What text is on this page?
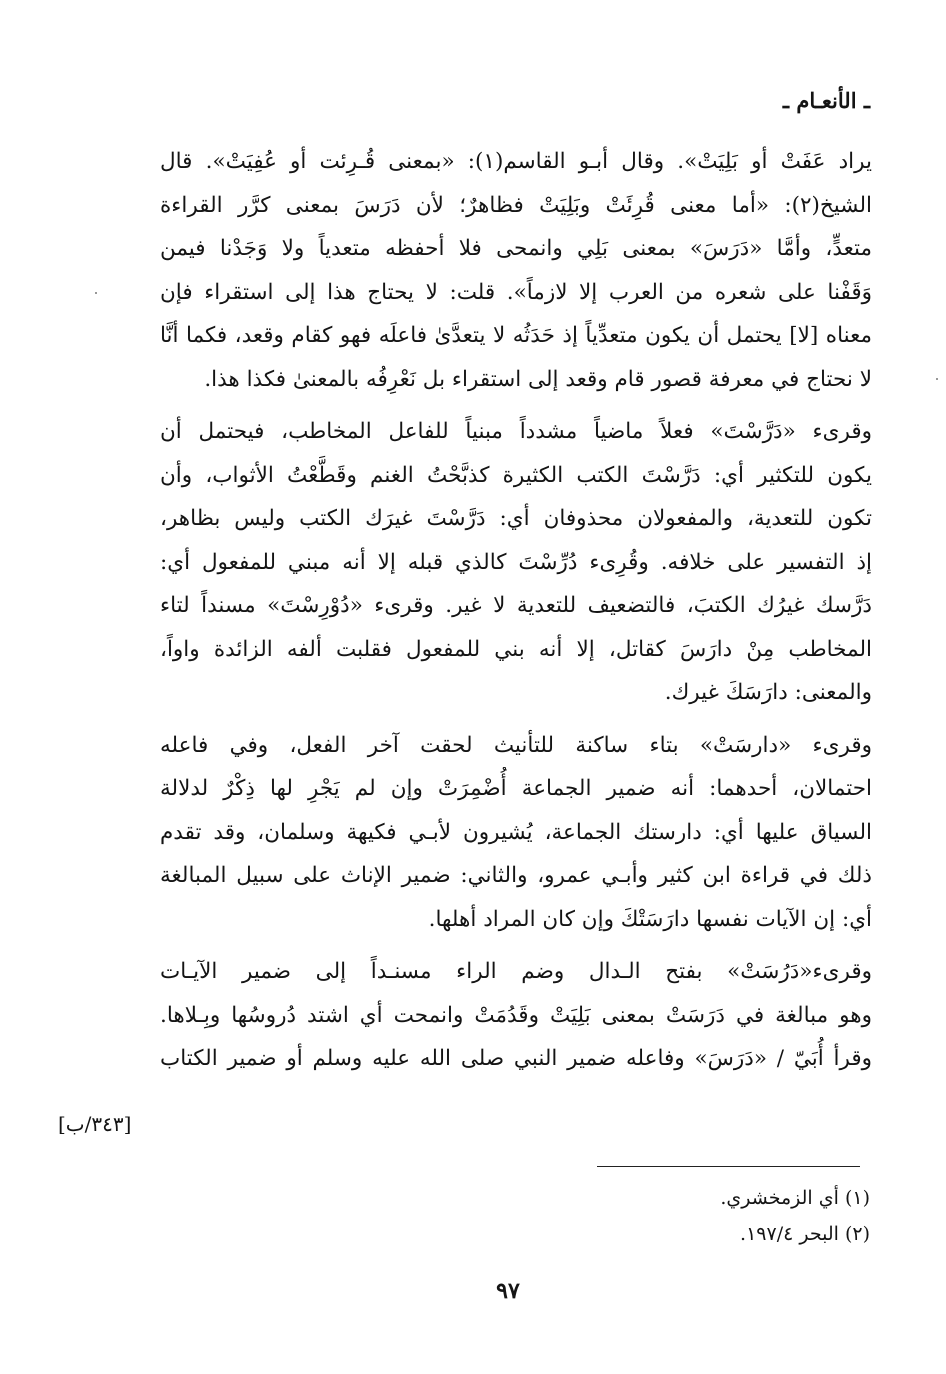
ـ الأنعـام ـ

يراد عَفَتْ أو بَلِيَتْ». وقال أبـو القاسم(١): «بمعنى قُـرِئت أو عُفِيَتْ». قال
الشيخ(٢): «أما معنى قُرِئَتْ وبَلِيَتْ فظاهرٌ؛ لأن دَرَسَ بمعنى كرَّر القراءة
متعدٍّ، وأمَّا «دَرَسَ» بمعنى بَلِي وانمحى فلا أحفظه متعدياً ولا وَجَدْنا فيمن
وَقَفْنا على شعره من العرب إلا لازماً». قلت: لا يحتاج هذا إلى استقراء فإن
معناه [لا] يحتمل أن يكون متعدِّياً إذ حَدَثُه لا يتعدَّىٰ فاعلَه فهو كقام وقعد، فكما أنَّا
لا نحتاج في معرفة قصور قام وقعد إلى استقراء بل نَعْرِفُه بالمعنىٰ فكذا هذا.

وقرىء «دَرَّسْتَ» فعلاً ماضياً مشدداً مبنياً للفاعل المخاطب، فيحتمل أن
يكون للتكثير أي: دَرَّسْتَ الكتب الكثيرة كذبَّحْتُ الغنم وقَطَّعْتُ الأثواب، وأن
تكون للتعدية، والمفعولان محذوفان أي: دَرَّسْتَ غيرَك الكتب وليس بظاهر،
إذ التفسير على خلافه. وقُرِىء دُرِّسْتَ كالذي قبله إلا أنه مبني للمفعول أي:
دَرَّسك غيرُك الكتبَ، فالتضعيف للتعدية لا غير. وقرىء «دُوْرِسْتَ» مسنداً لتاء
المخاطب مِنْ دارَسَ كقاتل، إلا أنه بني للمفعول فقلبت ألفه الزائدة واواً،
والمعنى: دارَسَكَ غيرك.

وقرىء «دارسَتْ» بتاء ساكنة للتأنيث لحقت آخر الفعل، وفي فاعله
احتمالان، أحدهما: أنه ضمير الجماعة أُضْمِرَتْ وإن لم يَجْرِ لها ذِكْرٌ لدلالة
السياق عليها أي: دارستك الجماعة، يُشيرون لأبـي فكيهة وسلمان، وقد تقدم
ذلك في قراءة ابن كثير وأبـي عمرو، والثاني: ضمير الإناث على سبيل المبالغة
أي: إن الآيات نفسها دارَسَتْكَ وإن كان المراد أهلها.

وقرىء«دَرُسَتْ» بفتح الـدال وضم الراء مسنـداً إلى ضمير الآيـات
وهو مبالغة في دَرَسَتْ بمعنى بَلِيَتْ وقَدُمَتْ وانمحت أي اشتد دُروسُها وبِـلاها.
وقرأ أُبَيّ / «دَرَسَ» وفاعله ضمير النبي صلى الله عليه وسلم أو ضمير الكتاب

[٣٤٣/ب]
(١) أي الزمخشري.
(٢) البحر ١٩٧/٤.
٩٧
